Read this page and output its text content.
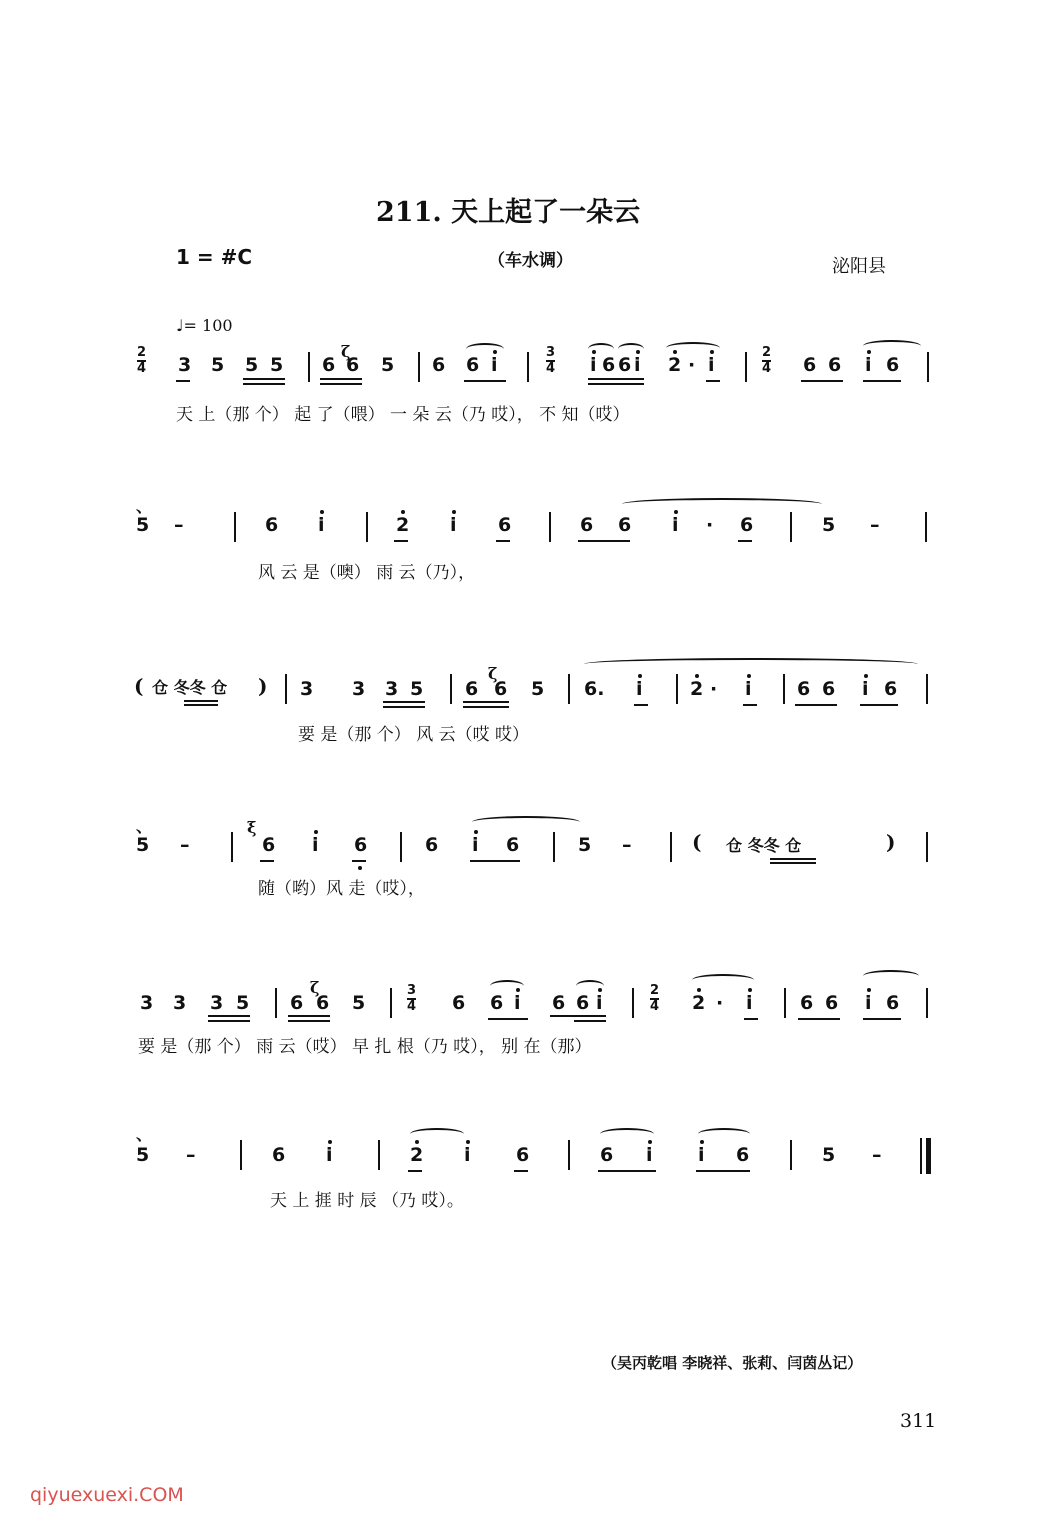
211. 天上起了一朵云
1 = #C	（车水调）	泌阳县
♩= 100
2
4 3 5 5 5 6 6
ζ
5 6 6 i
3
4 i 6 6 i 2 · i
2
4 6 6 i 6
天 上（那 个） 起 了（喂） 一 朵 云（乃 哎）， 不 知（哎）
、
5 –	6 i	2 i 6	6 6 i · 6	5 –
风 云 是（噢） 雨 云（乃），
( 仓 冬冬 仓 ) 3 3 3 5 6 6
ζ
5 6. i 2 · i 6 6 i 6
要 是（那 个） 风 云（哎 哎）
、
5 –
ξ
6 i 6	6 i 6	5 –	( 仓 冬冬 仓	)
随（哟）风 走（哎），
3 3 3 5 6 6
ζ
5
3
4 6 6 i 6 6 i
2
4 2 · i 6 6 i 6
要 是（那 个） 雨 云（哎） 早 扎 根（乃 哎）， 别 在（那）
、
5 –	6 i	2 i 6	6 i i 6	5 –
天 上 捱 时 辰 （乃 哎）。
（吴丙乾唱 李晓祥、张莉、闫茵丛记）
311
qiyuexuexi.COM
